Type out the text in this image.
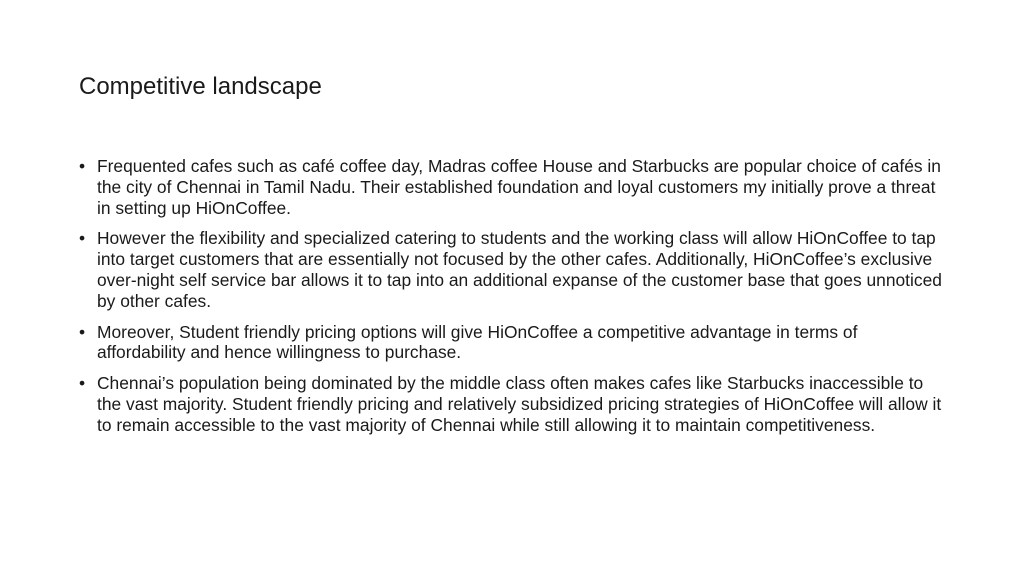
Competitive landscape
• Frequented cafes such as café coffee day, Madras coffee House and Starbucks are popular choice of cafés in the city of Chennai in Tamil Nadu. Their established foundation and loyal customers my initially prove a threat in setting up HiOnCoffee.
• However the flexibility and specialized catering to students and the working class will allow HiOnCoffee to tap into target customers that are essentially not focused by the other cafes. Additionally, HiOnCoffee’s exclusive over-night self service bar allows it to tap into an additional expanse of the customer base that goes unnoticed by other cafes.
• Moreover, Student friendly pricing options will give HiOnCoffee a competitive advantage in terms of affordability and hence willingness to purchase.
• Chennai’s population being dominated by the middle class often makes cafes like Starbucks inaccessible to the vast majority. Student friendly pricing and relatively subsidized pricing strategies of HiOnCoffee will allow it to remain accessible to the vast majority of Chennai while still allowing it to maintain competitiveness.
